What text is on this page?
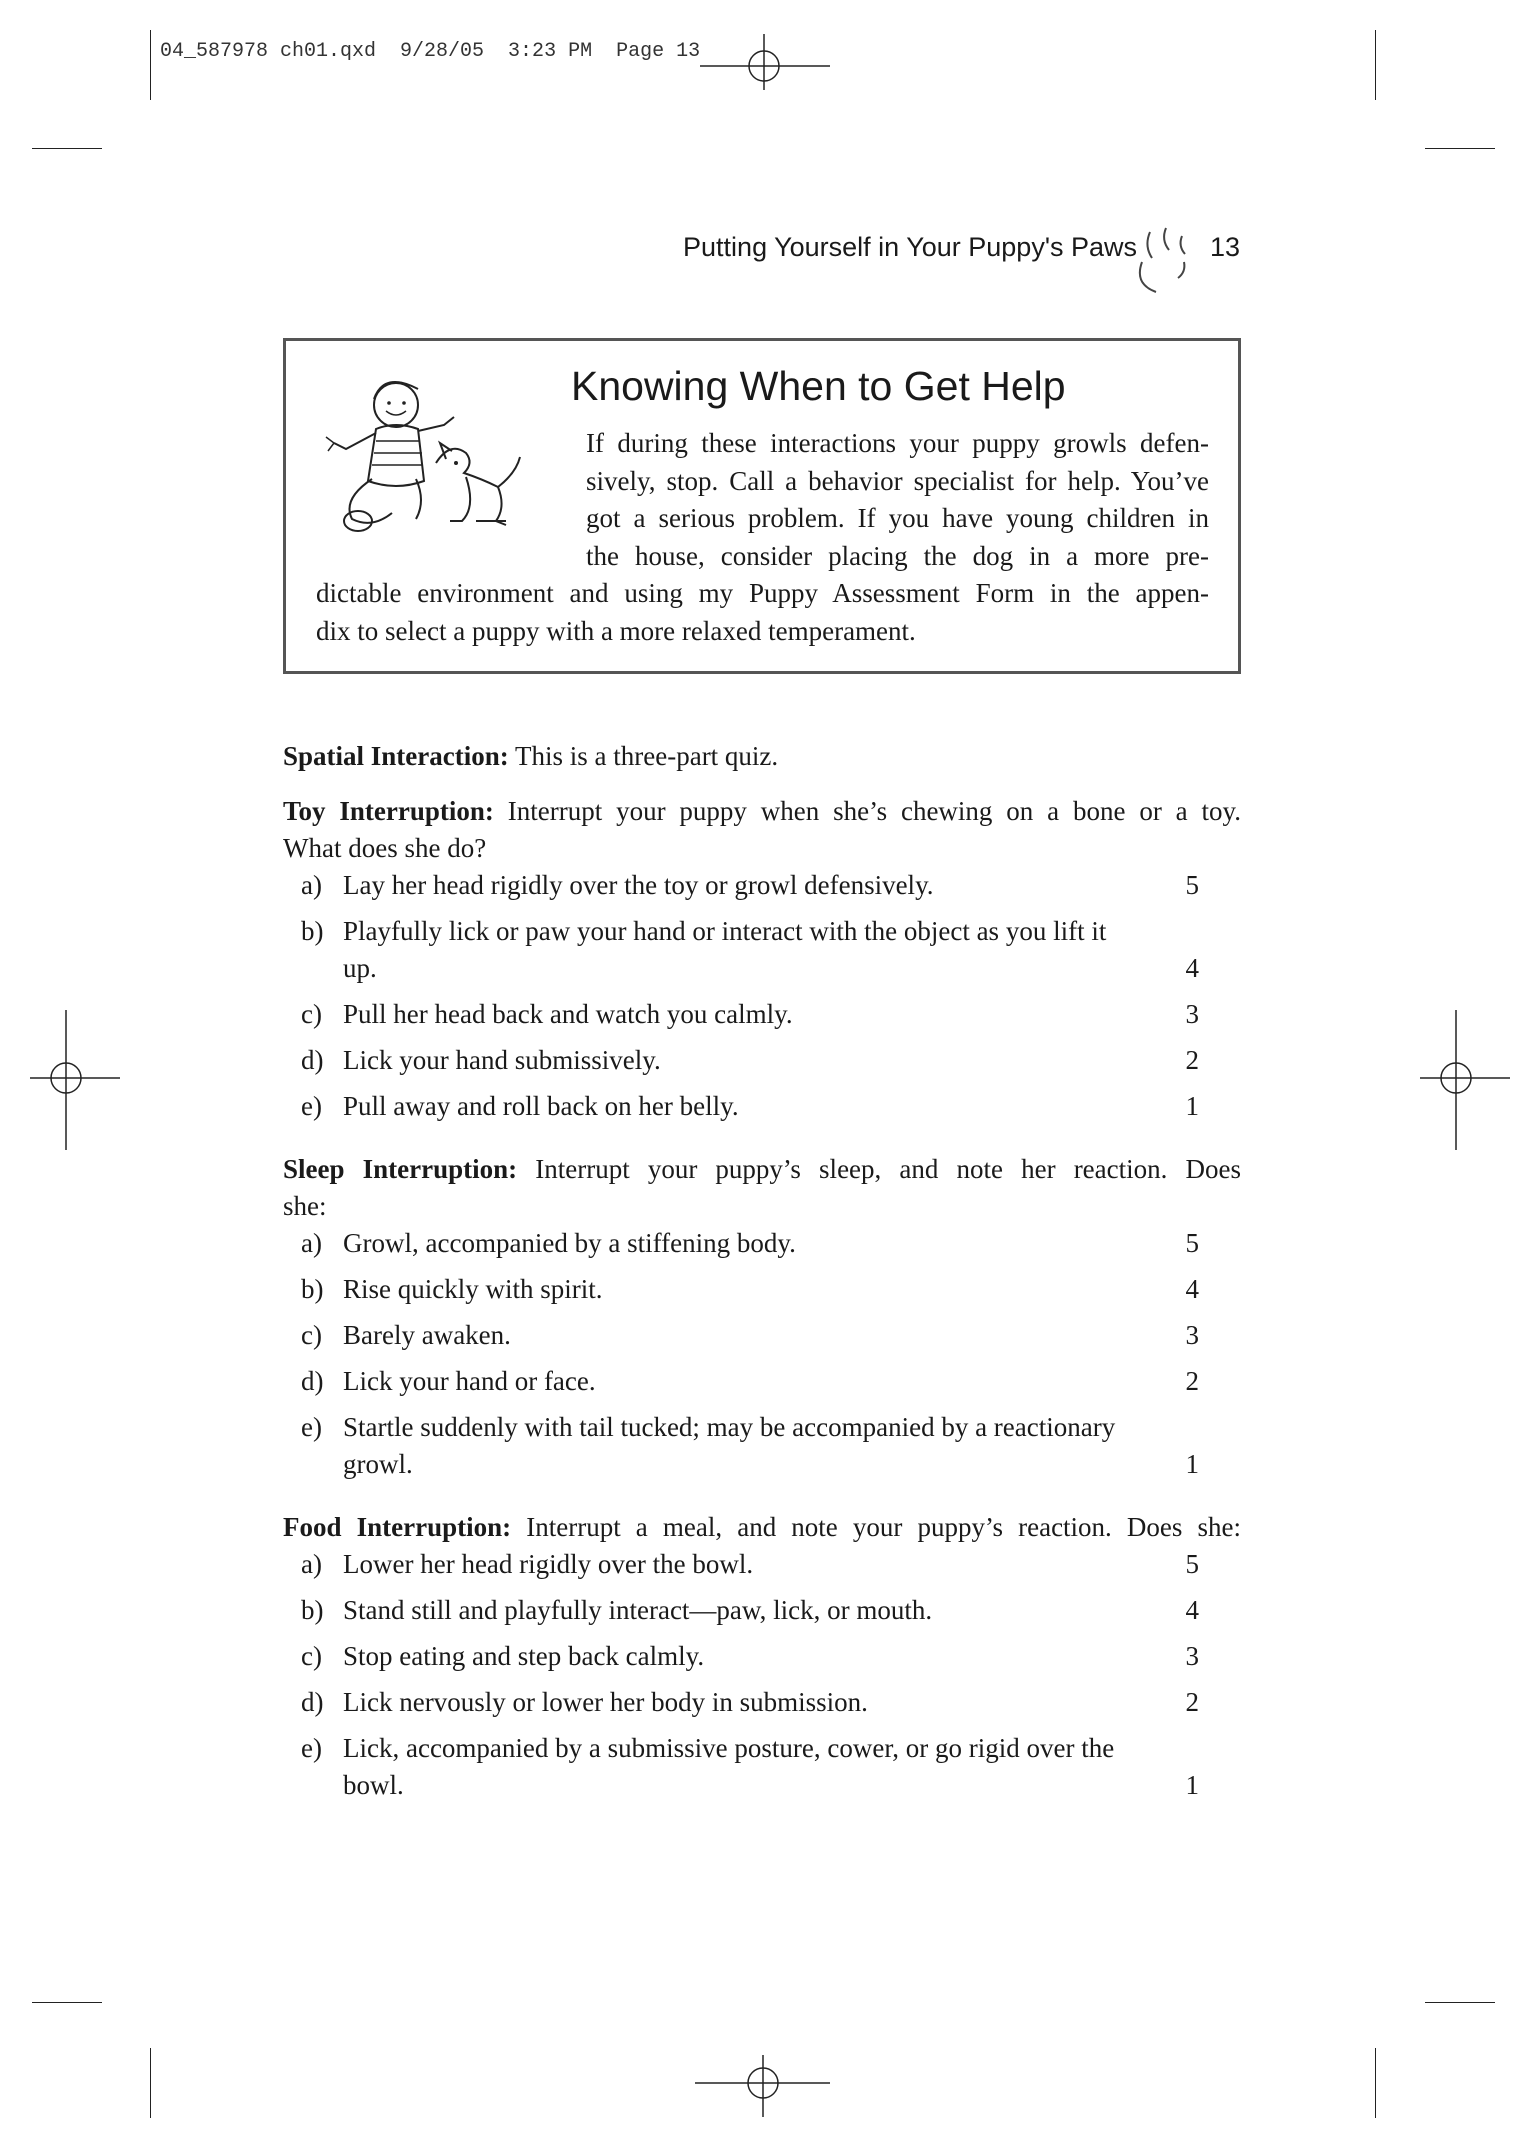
04_587978 ch01.qxd  9/28/05  3:23 PM  Page 13
Putting Yourself in Your Puppy's Paws	13
Knowing When to Get Help
If during these interactions your puppy growls defen-
sively, stop. Call a behavior specialist for help. You’ve
got a serious problem. If you have young children in
the house, consider placing the dog in a more pre-
dictable environment and using my Puppy Assessment Form in the appen-
dix to select a puppy with a more relaxed temperament.

Spatial Interaction: This is a three-part quiz.

Toy Interruption: Interrupt your puppy when she’s chewing on a bone or a toy.
What does she do?
a) Lay her head rigidly over the toy or growl defensively.	5
b) Playfully lick or paw your hand or interact with the object as you lift it up.	4
c) Pull her head back and watch you calmly.	3
d) Lick your hand submissively.	2
e) Pull away and roll back on her belly.	1
Sleep Interruption: Interrupt your puppy’s sleep, and note her reaction. Does
she:
a) Growl, accompanied by a stiffening body.	5
b) Rise quickly with spirit.	4
c) Barely awaken.	3
d) Lick your hand or face.	2
e) Startle suddenly with tail tucked; may be accompanied by a reactionary growl.	1
Food Interruption: Interrupt a meal, and note your puppy’s reaction. Does she:
a) Lower her head rigidly over the bowl.	5
b) Stand still and playfully interact—paw, lick, or mouth.	4
c) Stop eating and step back calmly.	3
d) Lick nervously or lower her body in submission.	2
e) Lick, accompanied by a submissive posture, cower, or go rigid over the bowl.	1
